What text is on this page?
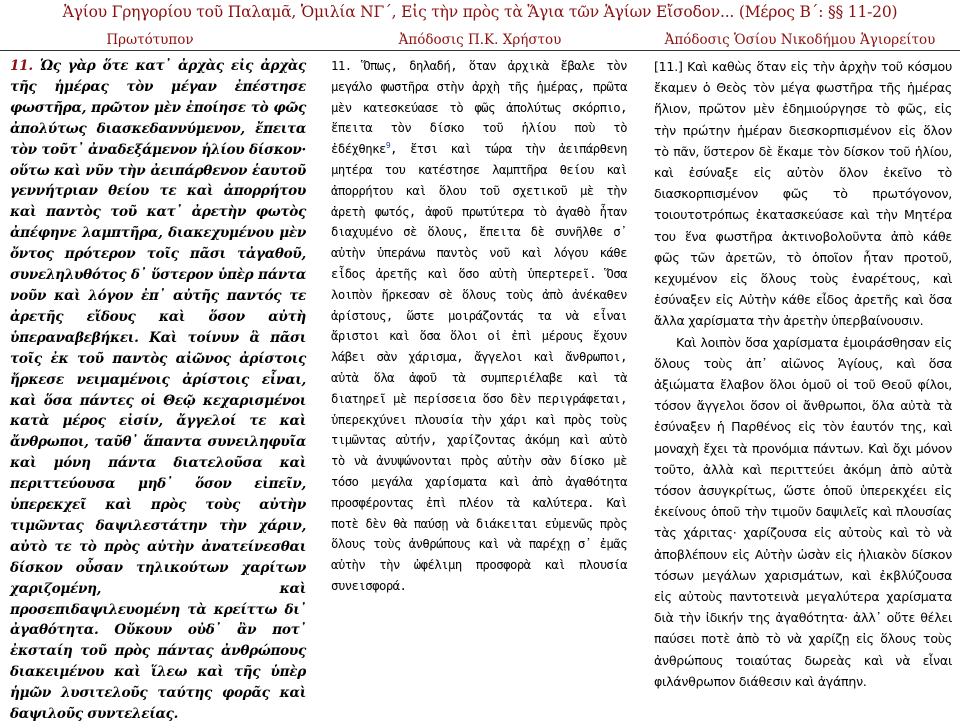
Ἁγίου Γρηγορίου τοῦ Παλαμᾶ, Ὁμιλία ΝΓ΄, Εἰς τὴν πρὸς τὰ Ἅγια τῶν Ἁγίων Εἴσοδον... (Μέρος Β΄: §§ 11-20)
Πρωτότυπον	Ἀπόδοσις Π.Κ. Χρήστου	Ἀπόδοσις Ὁσίου Νικοδήμου Ἁγιορείτου

11. Ὡς γὰρ ὅτε κατ᾽ ἀρχὰς εἰς ἀρχὰς τῆς ἡμέρας τὸν μέγαν ἐπέστησε φωστῆρα, πρῶτον μὲν ἐποίησε τὸ φῶς ἀπολύτως διασκεδαννύμενον, ἔπειτα τὸν τοῦτ᾽ ἀναδεξάμενον ἡλίου δίσκον· οὕτω καὶ νῦν τὴν ἀειπάρθενον ἑαυτοῦ γεννήτριαν θείου τε καὶ ἀπορρήτου καὶ παντὸς τοῦ κατ᾽ ἀρετὴν φωτὸς ἀπέφηνε λαμπτῆρα, διακεχυμένου μὲν ὄντος πρότερον τοῖς πᾶσι τἀγαθοῦ, συνεληλυθότος δ᾽ ὕστερον ὑπὲρ πάντα νοῦν καὶ λόγον ἐπ᾽ αὐτῆς παντός τε ἀρετῆς εἴδους καὶ ὅσον αὐτὴ ὑπεραναβεβήκει. Καὶ τοίνυν ἃ πᾶσι τοῖς ἐκ τοῦ παντὸς αἰῶνος ἀρίστοις ἤρκεσε νειμαμένοις ἀρίστοις εἶναι, καὶ ὅσα πάντες οἱ Θεῷ κεχαρισμένοι κατὰ μέρος εἰσίν, ἄγγελοί τε καὶ ἄνθρωποι, ταῦθ᾽ ἅπαντα συνειληφυῖα καὶ μόνη πάντα διατελοῦσα καὶ περιττεύουσα μηδ᾽ ὅσον εἰπεῖν, ὑπερεκχεῖ καὶ πρὸς τοὺς αὐτὴν τιμῶντας δαψιλεστάτην τὴν χάριν, αὐτὸ τε τὸ πρὸς αὐτὴν ἀνατείνεσθαι δίσκον οὖσαν τηλικούτων χαρίτων χαριζομένη, καὶ προσεπιδαψιλευομένη τὰ κρείττω δι᾽ ἀγαθότητα. Οὔκουν οὐδ᾽ ἂν ποτ᾽ ἐκσταίη τοῦ πρὸς πάντας ἀνθρώπους διακειμένου καὶ ἵλεω καὶ τῆς ὑπὲρ ἡμῶν λυσιτελοῦς ταύτης φορᾶς καὶ δαψιλοῦς συντελείας.

11. Ὅπως, δηλαδή, ὅταν ἀρχικὰ ἔβαλε τὸν μεγάλο φωστῆρα στὴν ἀρχὴ τῆς ἡμέρας, πρῶτα μὲν κατεσκεύασε τὸ φῶς ἀπολύτως σκόρπιο, ἔπειτα τὸν δίσκο τοῦ ἡλίου ποὺ τὸ ἐδέχθηκε$^9$, ἔτσι καὶ τώρα τὴν ἀειπάρθενη μητέρα του κατέστησε λαμπτῆρα θείου καὶ ἀπορρήτου καὶ ὅλου τοῦ σχετικοῦ μὲ τὴν ἀρετὴ φωτός, ἀφοῦ πρωτύτερα τὸ ἀγαθὸ ἦταν διαχυμένο σὲ ὅλους, ἔπειτα δὲ συνῆλθε σ᾽ αὐτὴν ὑπεράνω παντὸς νοῦ καὶ λόγου κάθε εἶδος ἀρετῆς καὶ ὅσο αὐτὴ ὑπερτερεῖ. Ὅσα λοιπὸν ἤρκεσαν σὲ ὅλους τοὺς ἀπὸ ἀνέκαθεν ἀρίστους, ὥστε μοιράζοντάς τα νὰ εἶναι ἄριστοι καὶ ὅσα ὅλοι οἱ ἐπὶ μέρους ἔχουν λάβει σὰν χάρισμα, ἄγγελοι καὶ ἄνθρωποι, αὐτὰ ὅλα ἀφοῦ τὰ συμπεριέλαβε καὶ τὰ διατηρεῖ μὲ περίσσεια ὅσο δὲν περιγράφεται, ὑπερεκχύνει πλουσία τὴν χάρι καὶ πρὸς τοὺς τιμῶντας αὐτήν, χαρίζοντας ἀκόμη καὶ αὐτὸ τὸ νὰ ἀνυψώνονται πρὸς αὐτὴν σὰν δίσκο μὲ τόσο μεγάλα χαρίσματα καὶ ἀπὸ ἀγαθότητα προσφέροντας ἐπὶ πλέον τὰ καλύτερα. Καὶ ποτὲ δὲν θὰ παύσῃ νὰ διάκειται εὐμενῶς πρὸς ὅλους τοὺς ἀνθρώπους καὶ νὰ παρέχῃ σ᾽ ἐμᾶς αὐτὴν τὴν ὠφέλιμη προσφορὰ καὶ πλουσία συνεισφορά.

[11.] Καὶ καθὼς ὅταν εἰς τὴν ἀρχὴν τοῦ κόσμου ἔκαμεν ὁ Θεὸς τὸν μέγα φωστῆρα τῆς ἡμέρας ἥλιον, πρῶτον μὲν ἐδημιούργησε τὸ φῶς, εἰς τὴν πρώτην ἡμέραν διεσκορπισμένον εἰς ὅλον τὸ πᾶν, ὕστερον δὲ ἔκαμε τὸν δίσκον τοῦ ἡλίου, καὶ ἐσύναξε εἰς αὐτὸν ὅλον ἐκεῖνο τὸ διασκορπισμένον φῶς τὸ πρωτόγονον, τοιουτοτρόπως ἐκατασκεύασε καὶ τὴν Μητέρα του ἕνα φωστῆρα ἀκτινοβολοῦντα ἀπὸ κάθε φῶς τῶν ἀρετῶν, τὸ ὁποῖον ἦταν προτοῦ, κεχυμένον εἰς ὅλους τοὺς ἐναρέτους, καὶ ἐσύναξεν εἰς Αὐτὴν κάθε εἶδος ἀρετῆς καὶ ὅσα ἄλλα χαρίσματα τὴν ἀρετὴν ὑπερβαίνουσιν.

Καὶ λοιπὸν ὅσα χαρίσματα ἐμοιράσθησαν εἰς ὅλους τοὺς ἀπ᾽ αἰῶνος Ἁγίους, καὶ ὅσα ἀξιώματα ἔλαβον ὅλοι ὁμοῦ οἱ τοῦ Θεοῦ φίλοι, τόσον ἄγγελοι ὅσον οἱ ἄνθρωποι, ὅλα αὐτὰ τὰ ἐσύναξεν ἡ Παρθένος εἰς τὸν ἑαυτόν της, καὶ μοναχὴ ἔχει τὰ προνόμια πάντων. Καὶ ὄχι μόνον τοῦτο, ἀλλὰ καὶ περιττεύει ἀκόμη ἀπὸ αὐτὰ τόσον ἀσυγκρίτως, ὥστε ὁποῦ ὑπερεκχέει εἰς ἐκείνους ὁποῦ τὴν τιμοῦν δαψιλεῖς καὶ πλουσίας τὰς χάριτας· χαρίζουσα εἰς αὐτοὺς καὶ τὸ νὰ ἀποβλέπουν εἰς Αὐτὴν ὡσὰν εἰς ἡλιακὸν δίσκον τόσων μεγάλων χαρισμάτων, καὶ ἐκβλύζουσα εἰς αὐτοὺς παντοτεινὰ μεγαλύτερα χαρίσματα διὰ τὴν ἰδικήν της ἀγαθότητα· ἀλλ᾽ οὔτε θέλει παύσει ποτὲ ἀπὸ τὸ νὰ χαρίζῃ εἰς ὅλους τοὺς ἀνθρώπους τοιαύτας δωρεὰς καὶ νὰ εἶναι φιλάνθρωπον διάθεσιν καὶ ἀγάπην.
